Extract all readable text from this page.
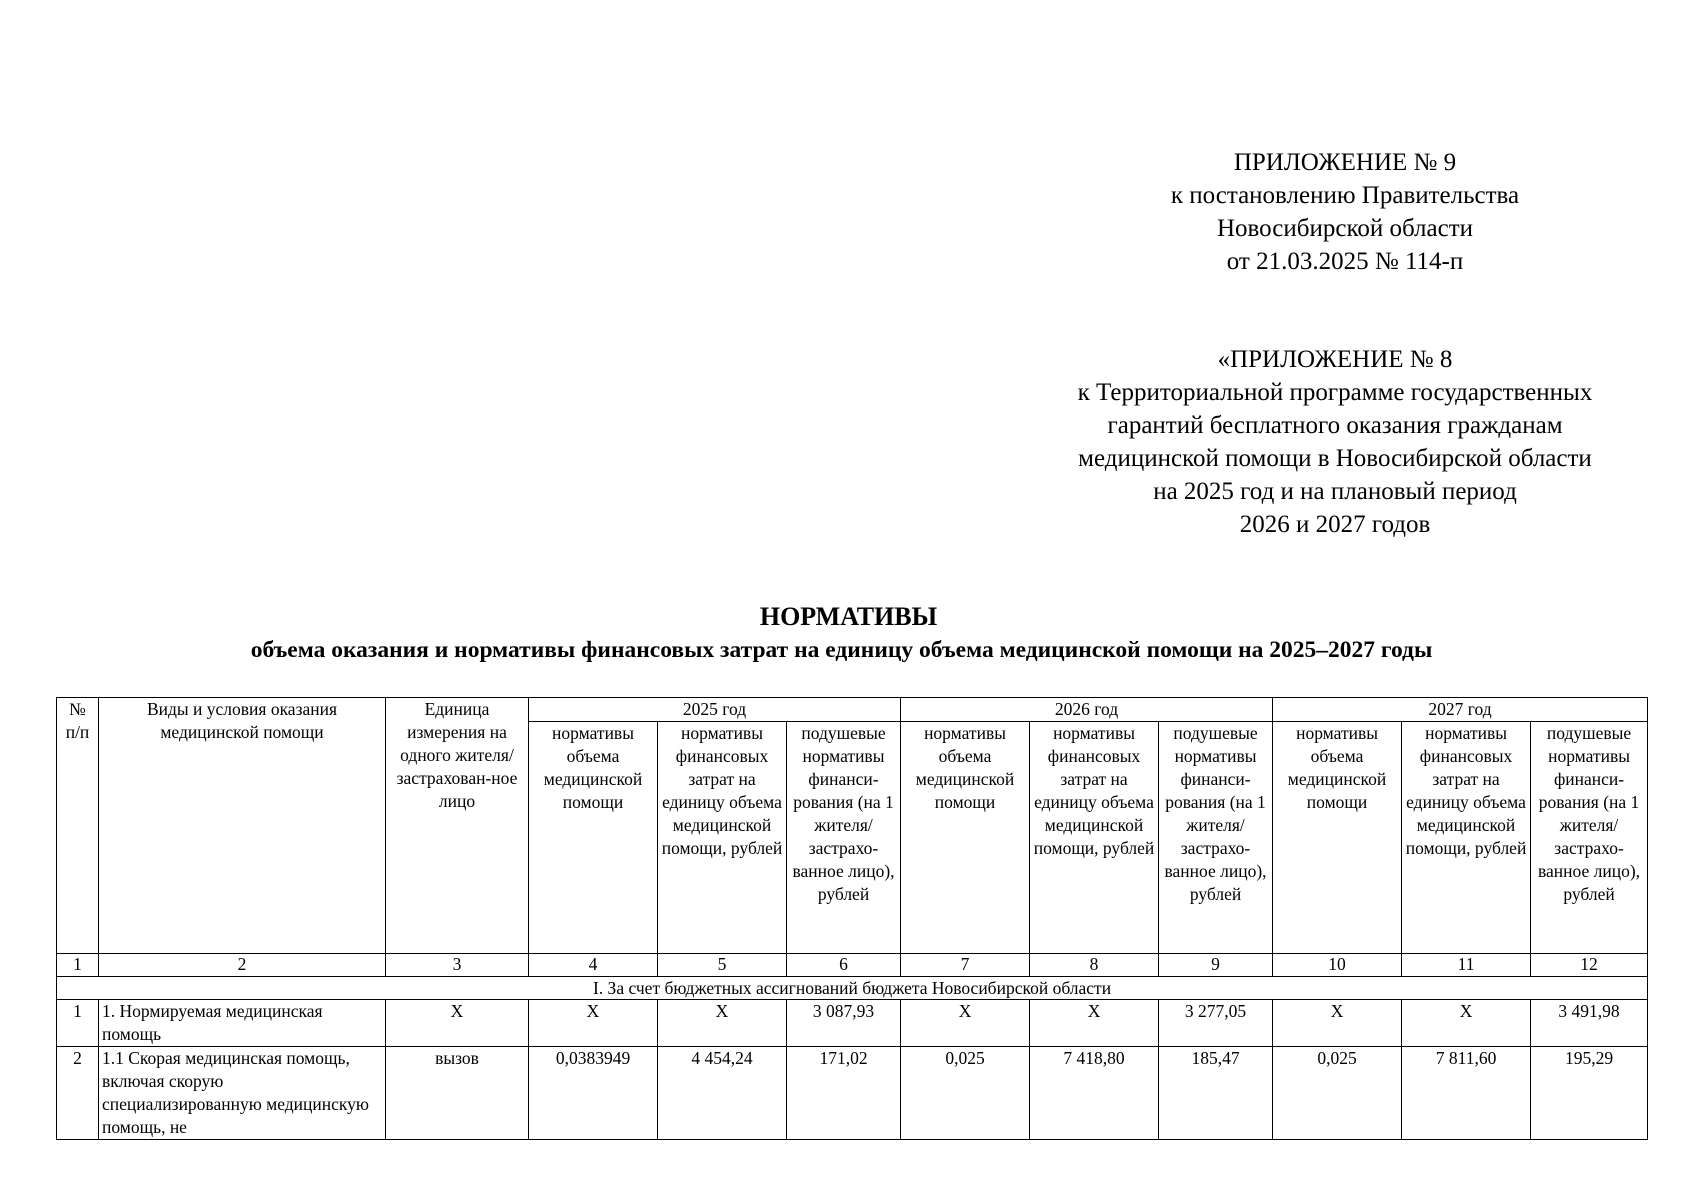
ПРИЛОЖЕНИЕ № 9
к постановлению Правительства
Новосибирской области
от 21.03.2025 № 114-п
«ПРИЛОЖЕНИЕ № 8
к Территориальной программе государственных
гарантий бесплатного оказания гражданам
медицинской помощи в Новосибирской области
на 2025 год и на плановый период
2026 и 2027 годов
НОРМАТИВЫ
объема оказания и нормативы финансовых затрат на единицу объема медицинской помощи на 2025–2027 годы
№ п/п	Виды и условия оказания медицинской помощи	Единица измерения на одного жителя/ застрахован-ное лицо	2025 год			2026 год			2027 год		
			нормативы объема медицинской помощи	нормативы финансовых затрат на единицу объема медицинской помощи, рублей	подушевые нормативы финанси-рования (на 1 жителя/ застрахо-ванное лицо), рублей	нормативы объема медицинской помощи	нормативы финансовых затрат на единицу объема медицинской помощи, рублей	подушевые нормативы финанси-рования (на 1 жителя/ застрахо-ванное лицо), рублей	нормативы объема медицинской помощи	нормативы финансовых затрат на единицу объема медицинской помощи, рублей	подушевые нормативы финанси-рования (на 1 жителя/ застрахо-ванное лицо), рублей
1	2	3	4	5	6	7	8	9	10	11	12
I. За счет бюджетных ассигнований бюджета Новосибирской области											
1	1. Нормируемая медицинская помощь	Х	Х	Х	3 087,93	Х	Х	3 277,05	Х	Х	3 491,98
2	1.1 Скорая медицинская помощь, включая скорую специализированную медицинскую помощь, не	вызов	0,0383949	4 454,24	171,02	0,025	7 418,80	185,47	0,025	7 811,60	195,29
